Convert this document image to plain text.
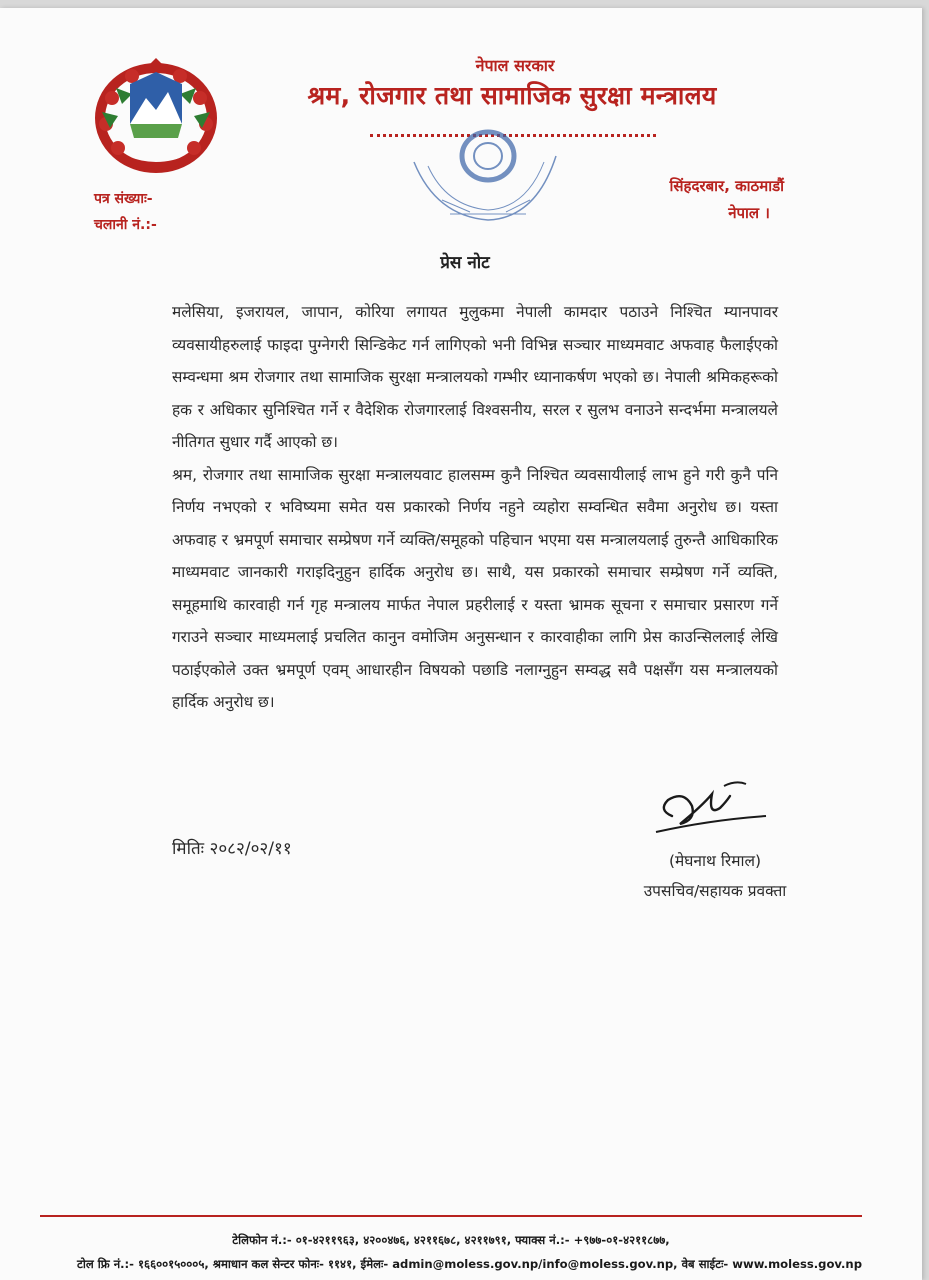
नेपाल सरकार
श्रम, रोजगार तथा सामाजिक सुरक्षा मन्त्रालय
पत्र संख्याः-
चलानी नं.:-
सिंहदरबार, काठमाडौं
नेपाल ।
प्रेस नोट

मलेसिया, इजरायल, जापान, कोरिया लगायत मुलुकमा नेपाली कामदार पठाउने निश्चित म्यानपावर व्यवसायीहरुलाई फाइदा पुग्नेगरी सिन्डिकेट गर्न लागिएको भनी विभिन्न सञ्चार माध्यमवाट अफवाह फैलाईएको सम्वन्धमा श्रम रोजगार तथा सामाजिक सुरक्षा मन्त्रालयको गम्भीर ध्यानाकर्षण भएको छ। नेपाली श्रमिकहरूको हक र अधिकार सुनिश्चित गर्ने र वैदेशिक रोजगारलाई विश्वसनीय, सरल र सुलभ वनाउने सन्दर्भमा मन्त्रालयले नीतिगत सुधार गर्दै आएको छ।

श्रम, रोजगार तथा सामाजिक सुरक्षा मन्त्रालयवाट हालसम्म कुनै निश्चित व्यवसायीलाई लाभ हुने गरी कुनै पनि निर्णय नभएको र भविष्यमा समेत यस प्रकारको निर्णय नहुने व्यहोरा सम्वन्धित सवैमा अनुरोध छ। यस्ता अफवाह र भ्रमपूर्ण समाचार सम्प्रेषण गर्ने व्यक्ति/समूहको पहिचान भएमा यस मन्त्रालयलाई तुरुन्तै आधिकारिक माध्यमवाट जानकारी गराइदिनुहुन हार्दिक अनुरोध छ। साथै, यस प्रकारको समाचार सम्प्रेषण गर्ने व्यक्ति, समूहमाथि कारवाही गर्न गृह मन्त्रालय मार्फत नेपाल प्रहरीलाई र यस्ता भ्रामक सूचना र समाचार प्रसारण गर्ने गराउने सञ्चार माध्यमलाई प्रचलित कानुन वमोजिम अनुसन्धान र कारवाहीका लागि प्रेस काउन्सिललाई लेखि पठाईएकोले उक्त भ्रमपूर्ण एवम् आधारहीन विषयको पछाडि नलाग्नुहुन सम्वद्ध सवै पक्षसँग यस मन्त्रालयको हार्दिक अनुरोध छ।

मितिः २०८२/०२/११
(मेघनाथ रिमाल)
उपसचिव/सहायक प्रवक्ता
टेलिफोन नं.:- ०१-४२११९६३, ४२००४७६, ४२११६७८, ४२११७९१, फ्याक्स नं.:- +९७७-०१-४२११८७७,
टोल फ्रि नं.:- १६६००१५०००५, श्रमाधान कल सेन्टर फोनः- ११४१, ईमेलः- admin@moless.gov.np/info@moless.gov.np, वेब साईटः- www.moless.gov.np
